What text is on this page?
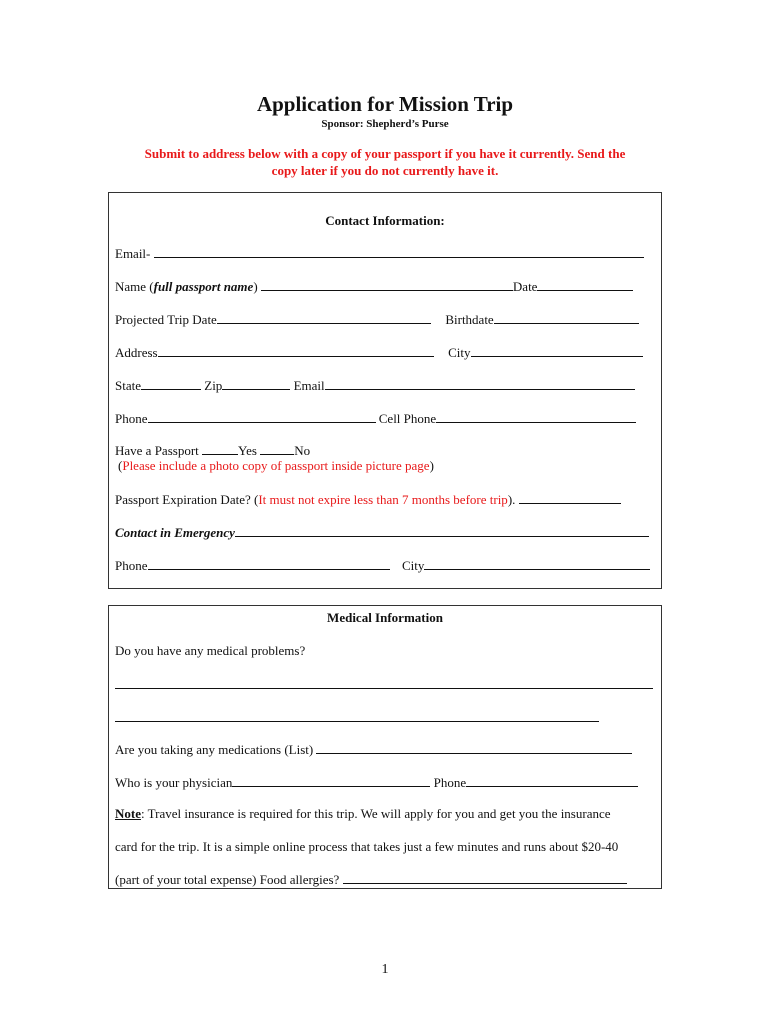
Application for Mission Trip
Sponsor: Shepherd’s Purse
Submit to address below with a copy of your passport if you have it currently. Send the
copy later if you do not currently have it.
Contact Information:
Email-
Name (full passport name)	Date
Projected Trip Date	Birthdate
Address	City
State	Zip	Email
Phone	Cell Phone
Have a Passport	Yes	No
(Please include a photo copy of passport inside picture page)
Passport Expiration Date? (It must not expire less than 7 months before trip).
Contact in Emergency
Phone	City
Medical Information
Do you have any medical problems?
Are you taking any medications (List)
Who is your physician	Phone
Note: Travel insurance is required for this trip. We will apply for you and get you the insurance
card for the trip. It is a simple online process that takes just a few minutes and runs about $20-40
(part of your total expense) Food allergies?
1
